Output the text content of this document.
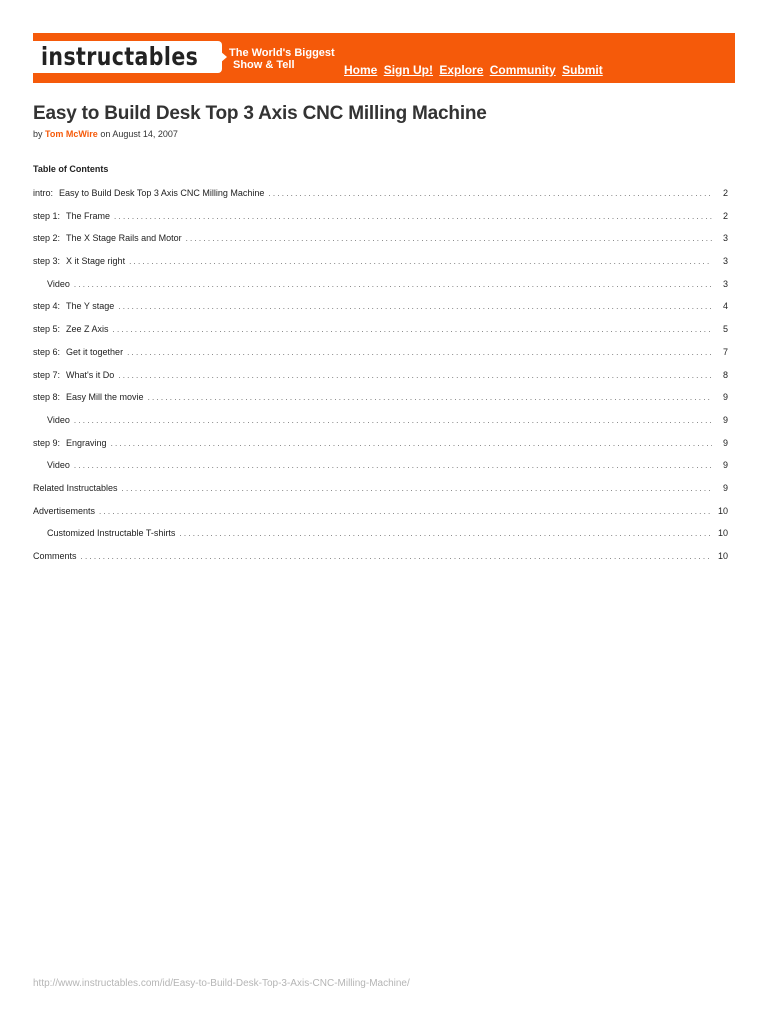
instructables	The World's Biggest
Show & Tell	Home Sign Up! Explore Community Submit
Easy to Build Desk Top 3 Axis CNC Milling Machine
by Tom McWire on August 14, 2007
Table of Contents
intro: Easy to Build Desk Top 3 Axis CNC Milling Machine . . .	2
step 1: The Frame . . .	2
step 2: The X Stage Rails and Motor . . .	3
step 3: X it Stage right . . .	3
Video . . .	3
step 4: The Y stage . . .	4
step 5: Zee Z Axis . . .	5
step 6: Get it together . . .	7
step 7: What's it Do . . .	8
step 8: Easy Mill the movie . . .	9
Video . . .	9
step 9: Engraving . . .	9
Video . . .	9
Related Instructables . . .	9
Advertisements . . .	10
Customized Instructable T-shirts . . .	10
Comments . . .	10
http://www.instructables.com/id/Easy-to-Build-Desk-Top-3-Axis-CNC-Milling-Machine/
